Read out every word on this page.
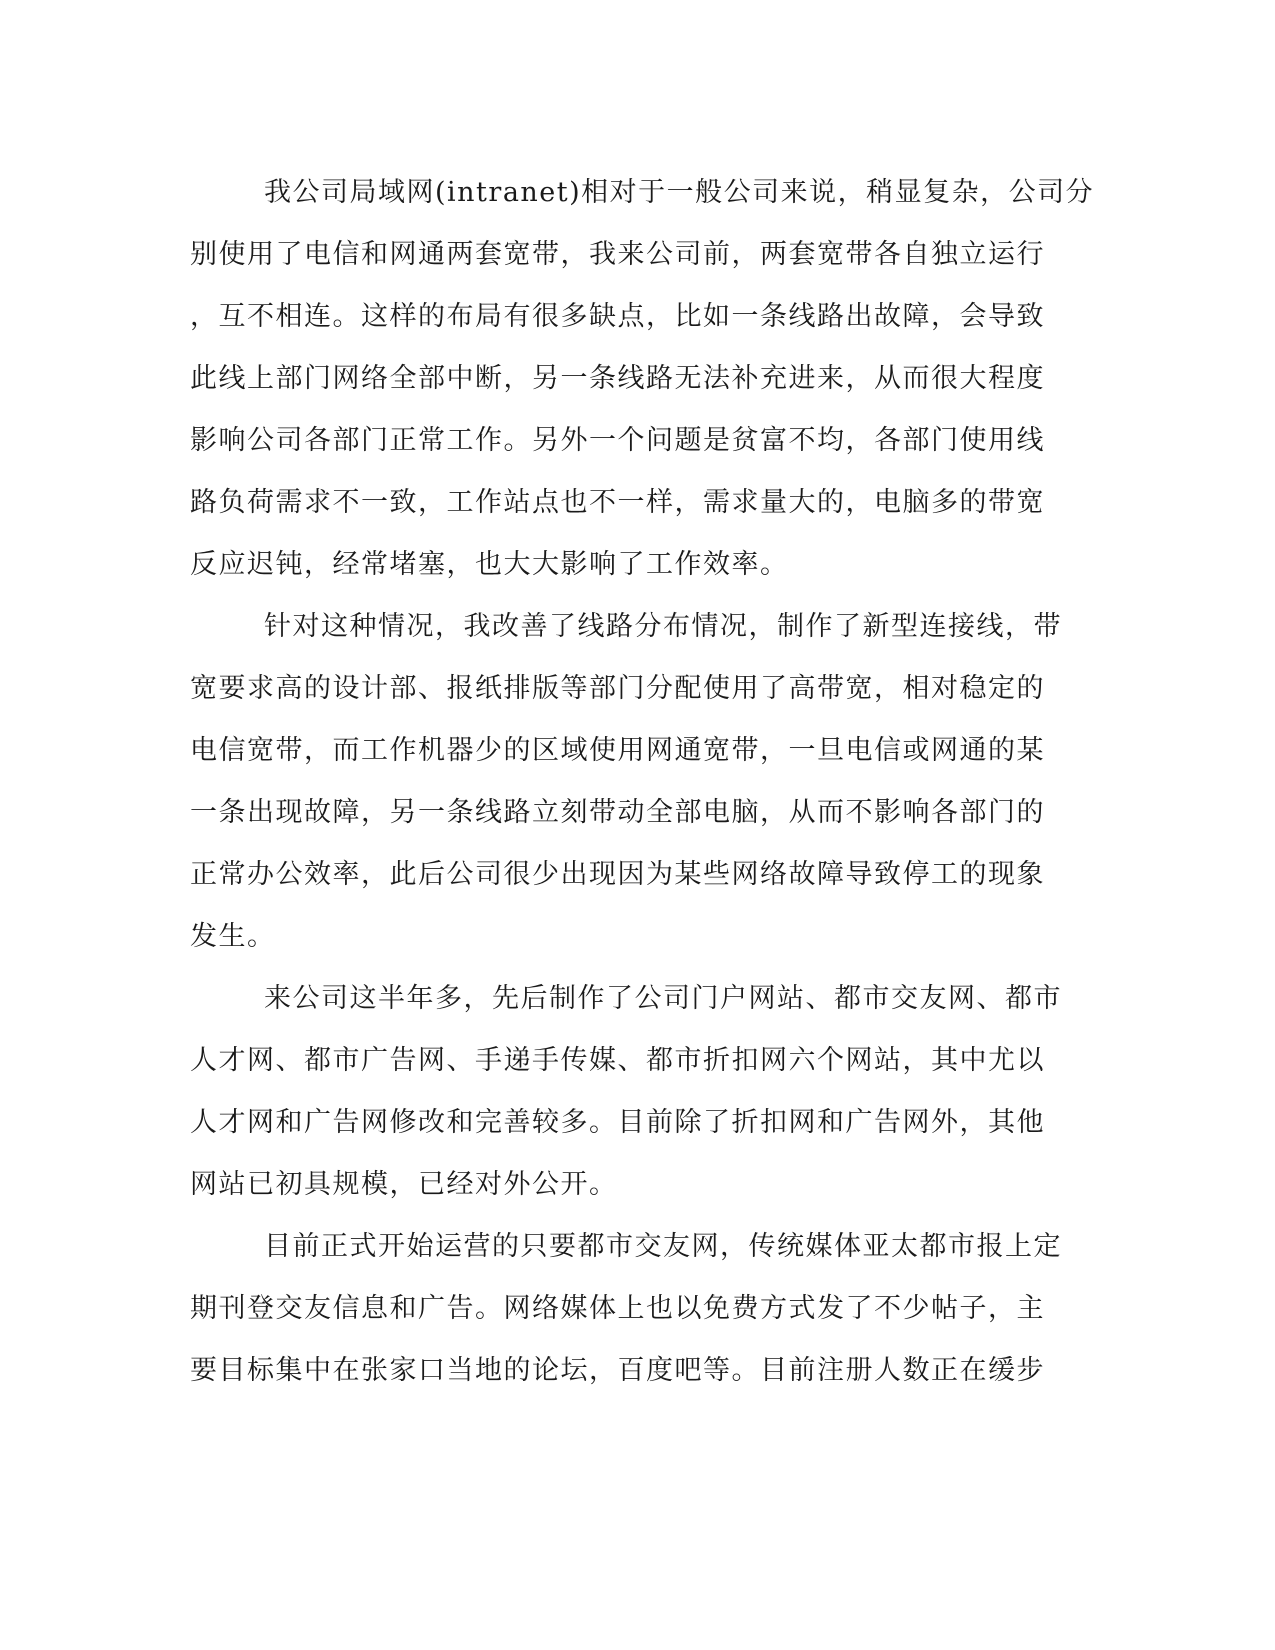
我公司局域网(intranet)相对于一般公司来说，稍显复杂，公司分
别使用了电信和网通两套宽带，我来公司前，两套宽带各自独立运行
，互不相连。这样的布局有很多缺点，比如一条线路出故障，会导致
此线上部门网络全部中断，另一条线路无法补充进来，从而很大程度
影响公司各部门正常工作。另外一个问题是贫富不均，各部门使用线
路负荷需求不一致，工作站点也不一样，需求量大的，电脑多的带宽
反应迟钝，经常堵塞，也大大影响了工作效率。
针对这种情况，我改善了线路分布情况，制作了新型连接线，带
宽要求高的设计部、报纸排版等部门分配使用了高带宽，相对稳定的
电信宽带，而工作机器少的区域使用网通宽带，一旦电信或网通的某
一条出现故障，另一条线路立刻带动全部电脑，从而不影响各部门的
正常办公效率，此后公司很少出现因为某些网络故障导致停工的现象
发生。
来公司这半年多，先后制作了公司门户网站、都市交友网、都市
人才网、都市广告网、手递手传媒、都市折扣网六个网站，其中尤以
人才网和广告网修改和完善较多。目前除了折扣网和广告网外，其他
网站已初具规模，已经对外公开。
目前正式开始运营的只要都市交友网，传统媒体亚太都市报上定
期刊登交友信息和广告。网络媒体上也以免费方式发了不少帖子，主
要目标集中在张家口当地的论坛，百度吧等。目前注册人数正在缓步
